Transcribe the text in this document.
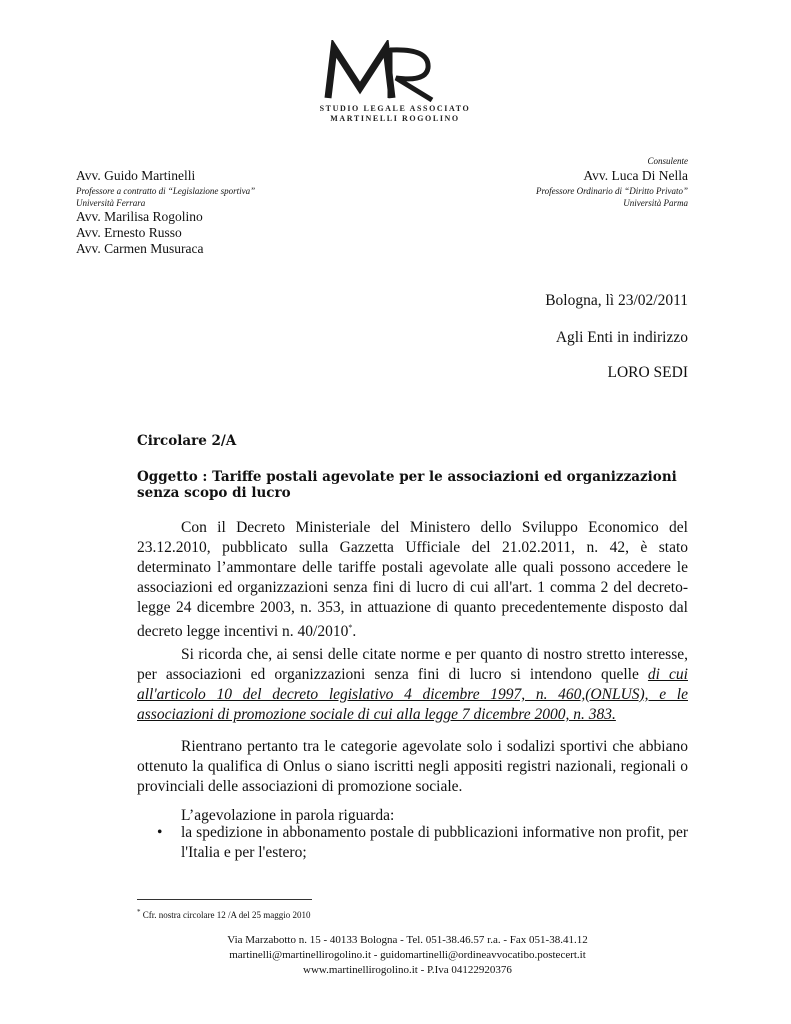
STUDIO LEGALE ASSOCIATO
MARTINELLI ROGOLINO
Avv. Guido Martinelli
Professore a contratto di “Legislazione sportiva”
Università Ferrara
Avv. Marilisa Rogolino
Avv. Ernesto Russo
Avv. Carmen Musuraca
Consulente
Avv. Luca Di Nella
Professore Ordinario di “Diritto Privato”
Università Parma
Bologna, lì 23/02/2011
Agli Enti in indirizzo
LORO SEDI
Circolare 2/A
Oggetto : Tariffe postali agevolate per le associazioni ed organizzazioni
senza scopo di lucro
Con il Decreto Ministeriale del Ministero dello Sviluppo Economico del 23.12.2010, pubblicato sulla Gazzetta Ufficiale del 21.02.2011, n. 42, è stato determinato l’ammontare delle tariffe postali agevolate alle quali possono accedere le associazioni ed organizzazioni senza fini di lucro di cui all'art. 1 comma 2 del decreto-legge 24 dicembre 2003, n. 353, in attuazione di quanto precedentemente disposto dal decreto legge incentivi n. 40/2010*.
Si ricorda che, ai sensi delle citate norme e per quanto di nostro stretto interesse, per associazioni ed organizzazioni senza fini di lucro si intendono quelle di cui all'articolo 10 del decreto legislativo 4 dicembre 1997, n. 460,(ONLUS), e le associazioni di promozione sociale di cui alla legge 7 dicembre 2000, n. 383.
Rientrano pertanto tra le categorie agevolate solo i sodalizi sportivi che abbiano ottenuto la qualifica di Onlus o siano iscritti negli appositi registri nazionali, regionali o provinciali delle associazioni di promozione sociale.
L’agevolazione in parola riguarda:
• la spedizione in abbonamento postale di pubblicazioni informative non profit, per l'Italia e per l'estero;
* Cfr. nostra circolare 12 /A del 25 maggio 2010
Via Marzabotto n. 15 - 40133 Bologna - Tel. 051-38.46.57 r.a. - Fax 051-38.41.12
martinelli@martinellirogolino.it - guidomartinelli@ordineavvocatibo.postecert.it
www.martinellirogolino.it - P.Iva 04122920376
